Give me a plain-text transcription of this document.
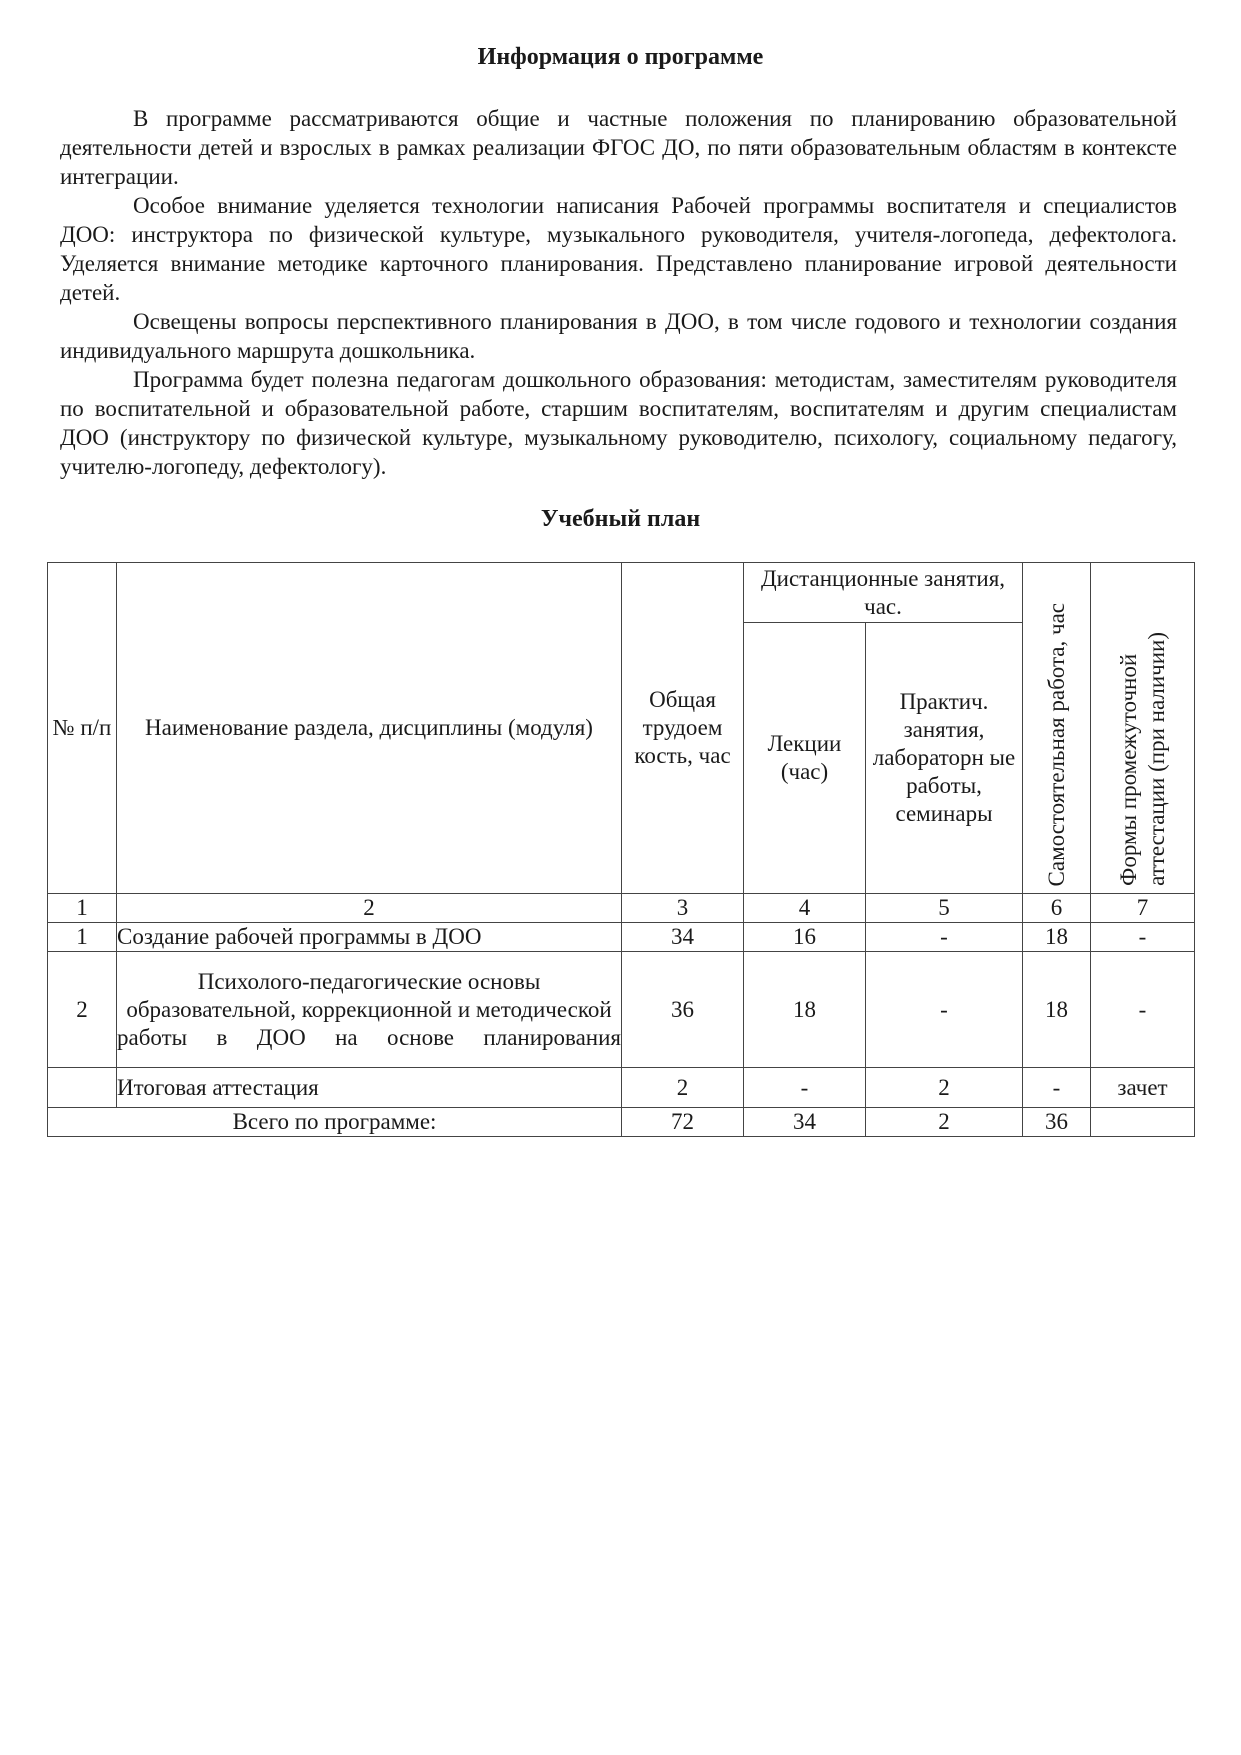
Информация о программе

В программе рассматриваются общие и частные положения по планированию образовательной деятельности детей и взрослых в рамках реализации ФГОС ДО, по пяти образовательным областям в контексте интеграции.

Особое внимание уделяется технологии написания Рабочей программы воспитателя и специалистов ДОО: инструктора по физической культуре, музыкального руководителя, учителя-логопеда, дефектолога. Уделяется внимание методике карточного планирования. Представлено планирование игровой деятельности детей.

Освещены вопросы перспективного планирования в ДОО, в том числе годового и технологии создания индивидуального маршрута дошкольника.

Программа будет полезна педагогам дошкольного образования: методистам, заместителям руководителя по воспитательной и образовательной работе, старшим воспитателям, воспитателям и другим специалистам ДОО (инструктору по физической культуре, музыкальному руководителю, психологу, социальному педагогу, учителю-логопеду, дефектологу).

Учебный план
№ п/п	Наименование раздела, дисциплины (модуля)	Общая трудоем кость, час	Дистанционные занятия, час.		Самостоятельная работа, час	Формы промежуточной аттестации (при наличии)
			Лекции (час)	Практич. занятия, лабораторн ые работы, семинары		
1	2	3	4	5	6	7
1	Создание рабочей программы в ДОО	34	16	-	18	-
2	Психолого-педагогические основы образовательной, коррекционной и методической работы в ДОО на основе планирования	36	18	-	18	-
	Итоговая аттестация	2	-	2	-	зачет
Всего по программе:		72	34	2	36	
